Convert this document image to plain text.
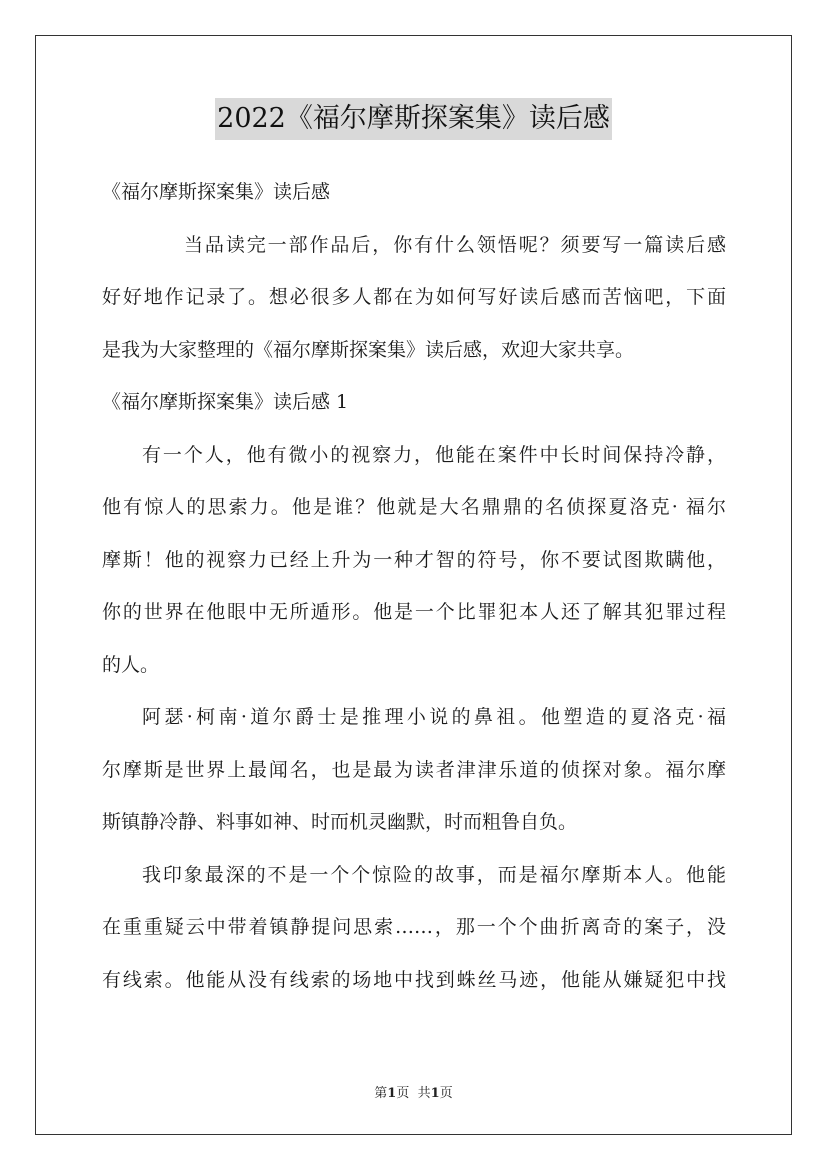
2022《福尔摩斯探案集》读后感
《福尔摩斯探案集》读后感
当品读完一部作品后，你有什么领悟呢？须要写一篇读后感
好好地作记录了。想必很多人都在为如何写好读后感而苦恼吧，下面
是我为大家整理的《福尔摩斯探案集》读后感，欢迎大家共享。
《福尔摩斯探案集》读后感 1
有一个人，他有微小的视察力，他能在案件中长时间保持冷静，
他有惊人的思索力。他是谁？他就是大名鼎鼎的名侦探夏洛克· 福尔
摩斯！他的视察力已经上升为一种才智的符号，你不要试图欺瞒他，
你的世界在他眼中无所遁形。他是一个比罪犯本人还了解其犯罪过程
的人。
阿瑟·柯南·道尔爵士是推理小说的鼻祖。他塑造的夏洛克·福
尔摩斯是世界上最闻名，也是最为读者津津乐道的侦探对象。福尔摩
斯镇静冷静、料事如神、时而机灵幽默，时而粗鲁自负。
我印象最深的不是一个个惊险的故事，而是福尔摩斯本人。他能
在重重疑云中带着镇静提问思索……，那一个个曲折离奇的案子，没
有线索。他能从没有线索的场地中找到蛛丝马迹，他能从嫌疑犯中找
第1页 共1页
